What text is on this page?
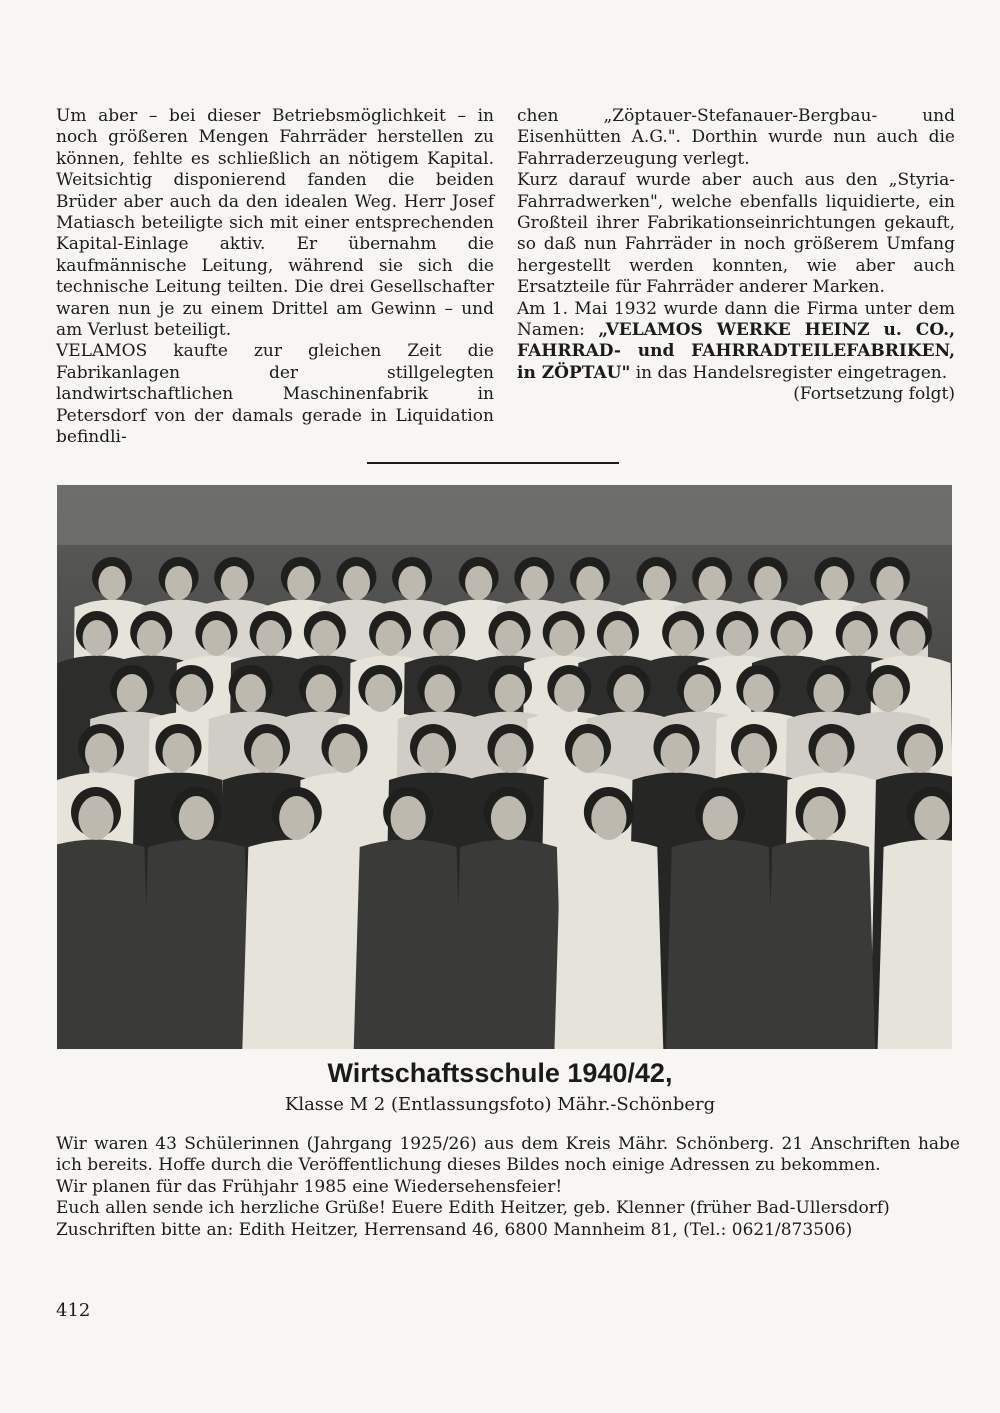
Um aber – bei dieser Betriebsmöglichkeit – in noch größeren Mengen Fahrräder herstellen zu können, fehlte es schließlich an nötigem Kapital. Weitsichtig disponierend fanden die beiden Brüder aber auch da den idealen Weg. Herr Josef Matiasch beteiligte sich mit einer entsprechenden Kapital-Einlage aktiv. Er übernahm die kaufmännische Leitung, während sie sich die technische Leitung teilten. Die drei Gesellschafter waren nun je zu einem Drittel am Gewinn – und am Verlust beteiligt.

VELAMOS kaufte zur gleichen Zeit die Fabrikanlagen der stillgelegten landwirtschaftlichen Maschinenfabrik in Petersdorf von der damals gerade in Liquidation befindli-

chen „Zöptauer-Stefanauer-Bergbau- und Eisenhütten A.G.". Dorthin wurde nun auch die Fahrraderzeugung verlegt.

Kurz darauf wurde aber auch aus den „Styria-Fahrradwerken", welche ebenfalls liquidierte, ein Großteil ihrer Fabrikationseinrichtungen gekauft, so daß nun Fahrräder in noch größerem Umfang hergestellt werden konnten, wie aber auch Ersatzteile für Fahrräder anderer Marken.

Am 1. Mai 1932 wurde dann die Firma unter dem Namen: „VELAMOS WERKE HEINZ u. CO., FAHRRAD- und FAHRRADTEILEFABRIKEN, in ZÖPTAU" in das Handelsregister eingetragen.

(Fortsetzung folgt)

Wirtschaftsschule 1940/42,
Klasse M 2 (Entlassungsfoto) Mähr.-Schönberg

Wir waren 43 Schülerinnen (Jahrgang 1925/26) aus dem Kreis Mähr. Schönberg. 21 Anschriften habe ich bereits. Hoffe durch die Veröffentlichung dieses Bildes noch einige Adressen zu bekommen.

Wir planen für das Frühjahr 1985 eine Wiedersehensfeier!

Euch allen sende ich herzliche Grüße! Euere Edith Heitzer, geb. Klenner (früher Bad-Ullersdorf)

Zuschriften bitte an: Edith Heitzer, Herrensand 46, 6800 Mannheim 81, (Tel.: 0621/873506)

412
